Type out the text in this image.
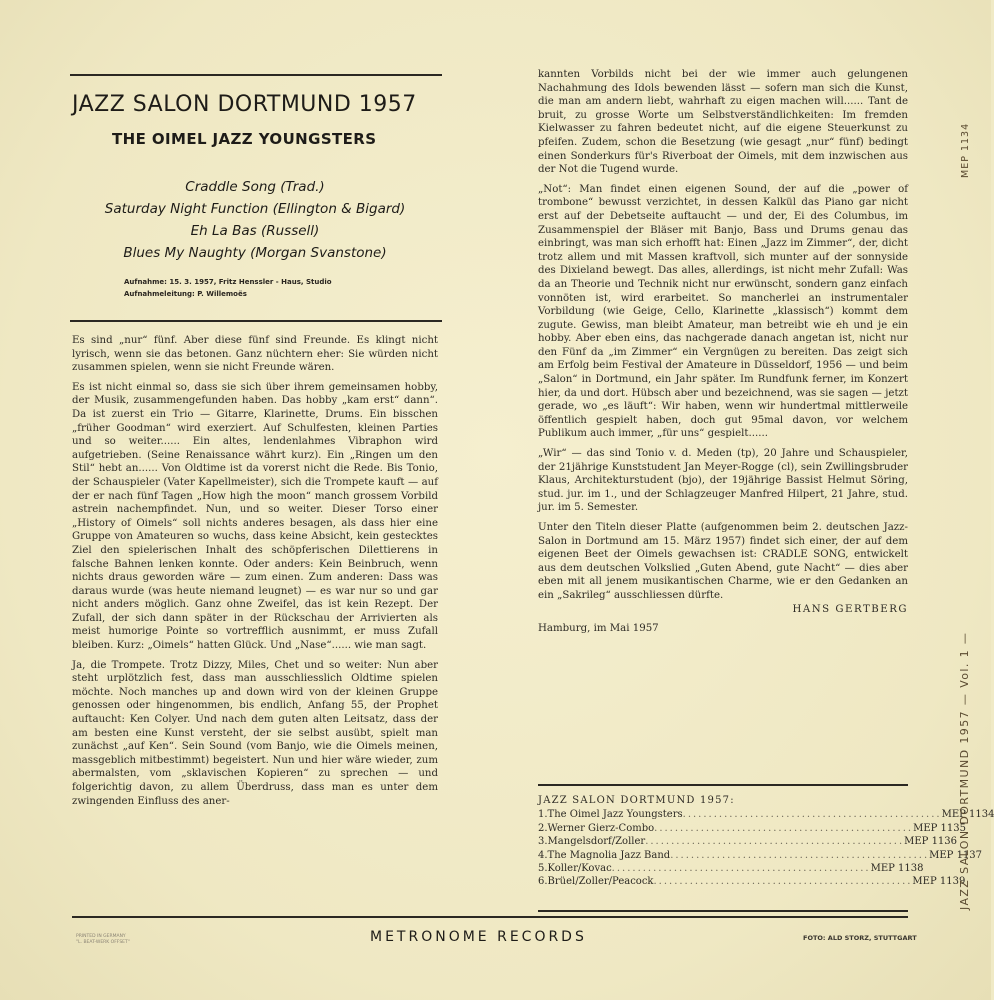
JAZZ SALON DORTMUND 1957
THE OIMEL JAZZ YOUNGSTERS
Craddle Song (Trad.)
Saturday Night Function (Ellington & Bigard)
Eh La Bas (Russell)
Blues My Naughty (Morgan Svanstone)
Aufnahme: 15. 3. 1957, Fritz Henssler - Haus, Studio
Aufnahmeleitung: P. Willemoës

Es sind „nur“ fünf. Aber diese fünf sind Freunde. Es klingt nicht lyrisch, wenn sie das betonen. Ganz nüchtern eher: Sie würden nicht zusammen spielen, wenn sie nicht Freunde wären.

Es ist nicht einmal so, dass sie sich über ihrem gemeinsamen hobby, der Musik, zusammengefunden haben. Das hobby „kam erst“ dann“. Da ist zuerst ein Trio — Gitarre, Klarinette, Drums. Ein bisschen „früher Goodman“ wird exerziert. Auf Schulfesten, kleinen Parties und so weiter...... Ein altes, lendenlahmes Vibraphon wird aufgetrieben. (Seine Renaissance währt kurz). Ein „Ringen um den Stil“ hebt an...... Von Oldtime ist da vorerst nicht die Rede. Bis Tonio, der Schauspieler (Vater Kapellmeister), sich die Trompete kauft — auf der er nach fünf Tagen „How high the moon“ manch grossem Vorbild astrein nachempfindet. Nun, und so weiter. Dieser Torso einer „History of Oimels“ soll nichts anderes besagen, als dass hier eine Gruppe von Amateuren so wuchs, dass keine Absicht, kein gestecktes Ziel den spielerischen Inhalt des schöpferischen Dilettierens in falsche Bahnen lenken konnte. Oder anders: Kein Beinbruch, wenn nichts draus geworden wäre — zum einen. Zum anderen: Dass was daraus wurde (was heute niemand leugnet) — es war nur so und gar nicht anders möglich. Ganz ohne Zweifel, das ist kein Rezept. Der Zufall, der sich dann später in der Rückschau der Arrivierten als meist humorige Pointe so vortrefflich ausnimmt, er muss Zufall bleiben. Kurz: „Oimels“ hatten Glück. Und „Nase“...... wie man sagt.

Ja, die Trompete. Trotz Dizzy, Miles, Chet und so weiter: Nun aber steht urplötzlich fest, dass man ausschliesslich Oldtime spielen möchte. Noch manches up and down wird von der kleinen Gruppe genossen oder hingenommen, bis endlich, Anfang 55, der Prophet auftaucht: Ken Colyer. Und nach dem guten alten Leitsatz, dass der am besten eine Kunst versteht, der sie selbst ausübt, spielt man zunächst „auf Ken“. Sein Sound (vom Banjo, wie die Oimels meinen, massgeblich mitbestimmt) begeistert. Nun und hier wäre wieder, zum abermalsten, vom „sklavischen Kopieren“ zu sprechen — und folgerichtig davon, zu allem Überdruss, dass man es unter dem zwingenden Einfluss des aner-

kannten Vorbilds nicht bei der wie immer auch gelungenen Nachahmung des Idols bewenden lässt — sofern man sich die Kunst, die man am andern liebt, wahrhaft zu eigen machen will...... Tant de bruit, zu grosse Worte um Selbstverständlichkeiten: Im fremden Kielwasser zu fahren bedeutet nicht, auf die eigene Steuerkunst zu pfeifen. Zudem, schon die Besetzung (wie gesagt „nur“ fünf) bedingt einen Sonderkurs für's Riverboat der Oimels, mit dem inzwischen aus der Not die Tugend wurde.

„Not“: Man findet einen eigenen Sound, der auf die „power of trombone“ bewusst verzichtet, in dessen Kalkül das Piano gar nicht erst auf der Debetseite auftaucht — und der, Ei des Columbus, im Zusammenspiel der Bläser mit Banjo, Bass und Drums genau das einbringt, was man sich erhofft hat: Einen „Jazz im Zimmer“, der, dicht trotz allem und mit Massen kraftvoll, sich munter auf der sonnyside des Dixieland bewegt. Das alles, allerdings, ist nicht mehr Zufall: Was da an Theorie und Technik nicht nur erwünscht, sondern ganz einfach vonnöten ist, wird erarbeitet. So mancherlei an instrumentaler Vorbildung (wie Geige, Cello, Klarinette „klassisch“) kommt dem zugute. Gewiss, man bleibt Amateur, man betreibt wie eh und je ein hobby. Aber eben eins, das nachgerade danach angetan ist, nicht nur den Fünf da „im Zimmer“ ein Vergnügen zu bereiten. Das zeigt sich am Erfolg beim Festival der Amateure in Düsseldorf, 1956 — und beim „Salon“ in Dortmund, ein Jahr später. Im Rundfunk ferner, im Konzert hier, da und dort. Hübsch aber und bezeichnend, was sie sagen — jetzt gerade, wo „es läuft“: Wir haben, wenn wir hundertmal mittlerweile öffentlich gespielt haben, doch gut 95mal davon, vor welchem Publikum auch immer, „für uns“ gespielt......

„Wir“ — das sind Tonio v. d. Meden (tp), 20 Jahre und Schauspieler, der 21jährige Kunststudent Jan Meyer-Rogge (cl), sein Zwillingsbruder Klaus, Architekturstudent (bjo), der 19jährige Bassist Helmut Söring, stud. jur. im 1., und der Schlagzeuger Manfred Hilpert, 21 Jahre, stud. jur. im 5. Semester.

Unter den Titeln dieser Platte (aufgenommen beim 2. deutschen Jazz-Salon in Dortmund am 15. März 1957) findet sich einer, der auf dem eigenen Beet der Oimels gewachsen ist: CRADLE SONG, entwickelt aus dem deutschen Volkslied „Guten Abend, gute Nacht“ — dies aber eben mit all jenem musikantischen Charme, wie er den Gedanken an ein „Sakrileg“ ausschliessen dürfte.

HANS GERTBERG

Hamburg, im Mai 1957

JAZZ SALON DORTMUND 1957:
1. The Oimel Jazz Youngsters .................................................. MEP 1134
2. Werner Gierz-Combo .................................................. MEP 1135
3. Mangelsdorf/Zoller .................................................. MEP 1136
4. The Magnolia Jazz Band .................................................. MEP 1137
5. Koller/Kovac .................................................. MEP 1138
6. Brüel/Zoller/Peacock .................................................. MEP 1139
PRINTED IN GERMANY
"L. BEAT-WERK OFFSET"	METRONOME RECORDS	FOTO: ALD STORZ, STUTTGART
MEP 1134
JAZZ SALON DORTMUND 1957 — Vol. 1 —
